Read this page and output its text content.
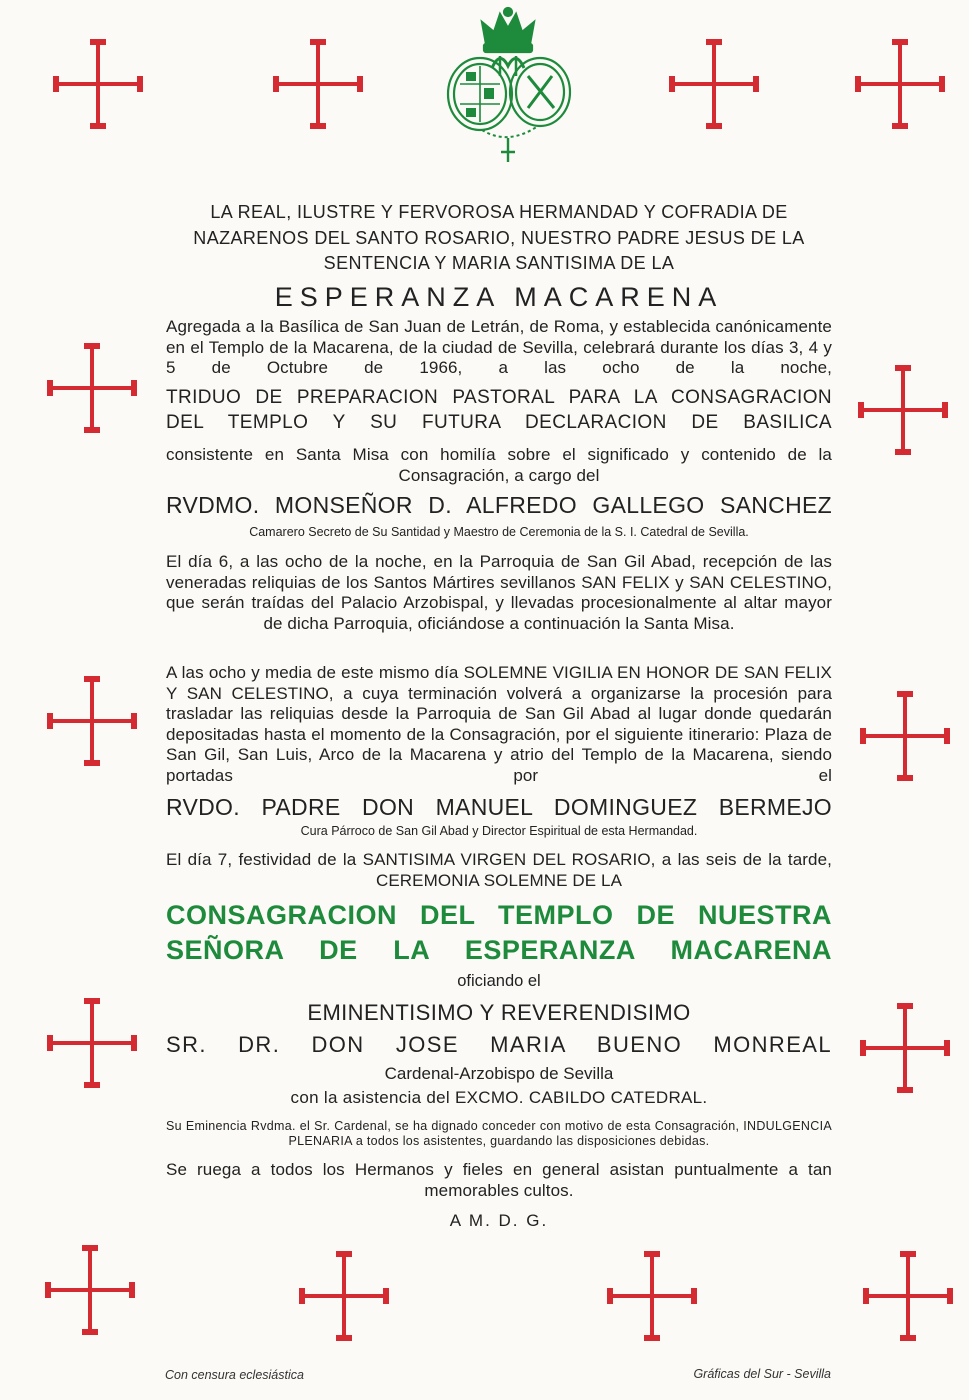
LA REAL, ILUSTRE Y FERVOROSA HERMANDAD Y COFRADIA DE
NAZARENOS DEL SANTO ROSARIO, NUESTRO PADRE JESUS DE LA
SENTENCIA Y MARIA SANTISIMA DE LA
ESPERANZA MACARENA
Agregada a la Basílica de San Juan de Letrán, de Roma, y establecida canónicamente en el Templo de la Macarena, de la ciudad de Sevilla, celebrará durante los días 3, 4 y 5 de Octubre de 1966, a las ocho de la noche,
TRIDUO DE PREPARACION PASTORAL PARA LA CONSAGRACION
DEL TEMPLO Y SU FUTURA DECLARACION DE BASILICA
consistente en Santa Misa con homilía sobre el significado y contenido de la Consagración, a cargo del
RVDMO. MONSEÑOR D. ALFREDO GALLEGO SANCHEZ
Camarero Secreto de Su Santidad y Maestro de Ceremonia de la S. I. Catedral de Sevilla.
El día 6, a las ocho de la noche, en la Parroquia de San Gil Abad, recepción de las veneradas reliquias de los Santos Mártires sevillanos SAN FELIX y SAN CELESTINO, que serán traídas del Palacio Arzobispal, y llevadas procesionalmente al altar mayor de dicha Parroquia, oficiándose a continuación la Santa Misa.
A las ocho y media de este mismo día SOLEMNE VIGILIA EN HONOR DE SAN FELIX Y SAN CELESTINO, a cuya terminación volverá a organizarse la procesión para trasladar las reliquias desde la Parroquia de San Gil Abad al lugar donde quedarán depositadas hasta el momento de la Consagración, por el siguiente itinerario: Plaza de San Gil, San Luis, Arco de la Macarena y atrio del Templo de la Macarena, siendo portadas por el
RVDO. PADRE DON MANUEL DOMINGUEZ BERMEJO
Cura Párroco de San Gil Abad y Director Espiritual de esta Hermandad.
El día 7, festividad de la SANTISIMA VIRGEN DEL ROSARIO, a las seis de la tarde, CEREMONIA SOLEMNE DE LA
CONSAGRACION DEL TEMPLO DE NUESTRA
SEÑORA DE LA ESPERANZA MACARENA
oficiando el
EMINENTISIMO Y REVERENDISIMO
SR. DR. DON JOSE MARIA BUENO MONREAL
Cardenal-Arzobispo de Sevilla
con la asistencia del EXCMO. CABILDO CATEDRAL.
Su Eminencia Rvdma. el Sr. Cardenal, se ha dignado conceder con motivo de esta Consagración, INDULGENCIA PLENARIA a todos los asistentes, guardando las disposiciones debidas.
Se ruega a todos los Hermanos y fieles en general asistan puntualmente a tan memorables cultos.
A M. D. G.
Con censura eclesiástica	Gráficas del Sur - Sevilla
